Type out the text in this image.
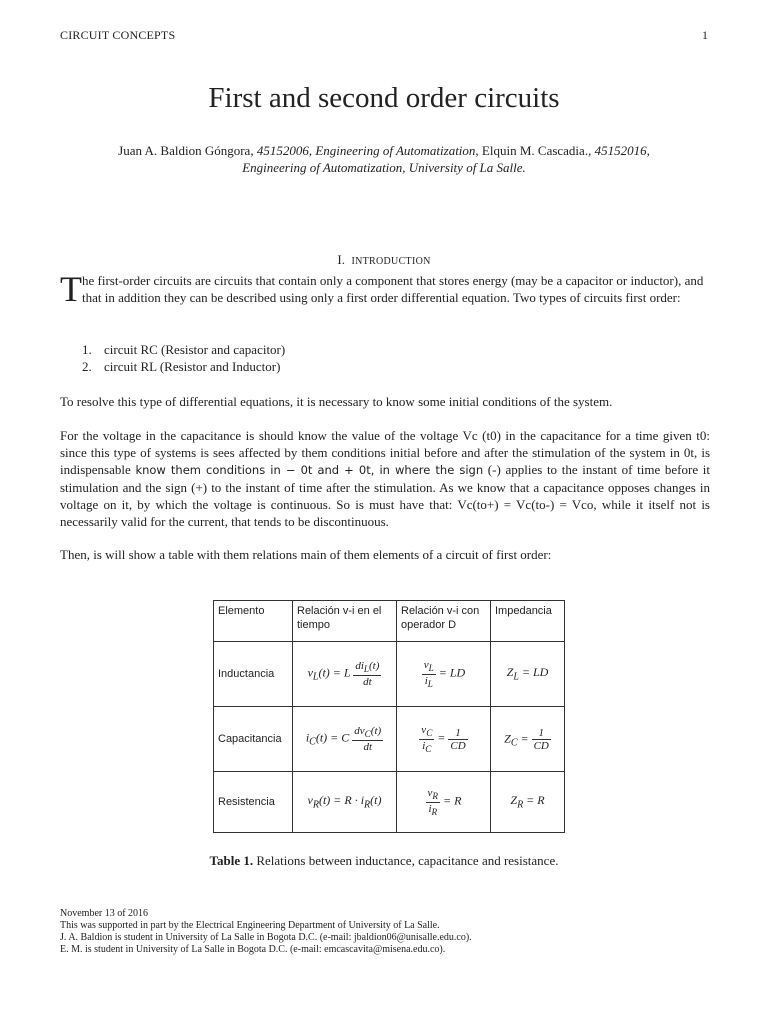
CIRCUIT CONCEPTS	1
First and second order circuits
Juan A. Baldion Góngora, 45152006, Engineering of Automatization, Elquin M. Cascadia., 45152016,
Engineering of Automatization, University of La Salle.
I. INTRODUCTION
T he first-order circuits are circuits that contain only a component that stores energy (may be a capacitor or inductor), and that in addition they can be described using only a first order differential equation. Two types of circuits first order:
1. circuit RC (Resistor and capacitor)
2. circuit RL (Resistor and Inductor)
To resolve this type of differential equations, it is necessary to know some initial conditions of the system.
For the voltage in the capacitance is should know the value of the voltage Vc (t0) in the capacitance for a time given t0: since this type of systems is sees affected by them conditions initial before and after the stimulation of the system in 0t, is indispensable know them conditions in − 0t and + 0t, in where the sign (-) applies to the instant of time before it stimulation and the sign (+) to the instant of time after the stimulation. As we know that a capacitance opposes changes in voltage on it, by which the voltage is continuous. So is must have that: Vc(to+) = Vc(to-) = Vco, while it itself not is necessarily valid for the current, that tends to be discontinuous.
Then, is will show a table with them relations main of them elements of a circuit of first order:
Elemento	Relación v-i en el tiempo	Relación v-i con operador D	Impedancia
Inductancia	$v_L(t) = L \frac{di_L(t)}{dt}$	$\frac{v_L}{i_L}$ = LD	$Z_L$ = LD
Capacitancia	$i_C(t) = C \frac{dv_C(t)}{dt}$	$\frac{v_C}{i_C} = \frac{1}{CD}$	$Z_C = \frac{1}{CD}$

Resistencia	$v_R(t) = R \cdot i_R(t)$	$\frac{v_R}{i_R} = R$	$Z_R = R$
Table 1. Relations between inductance, capacitance and resistance.
November 13 of 2016
This was supported in part by the Electrical Engineering Department of University of La Salle.
J. A. Baldion is student in University of La Salle in Bogota D.C. (e-mail: jbaldion06@unisalle.edu.co).
E. M. is student in University of La Salle in Bogota D.C. (e-mail: emcascavita@misena.edu.co).
